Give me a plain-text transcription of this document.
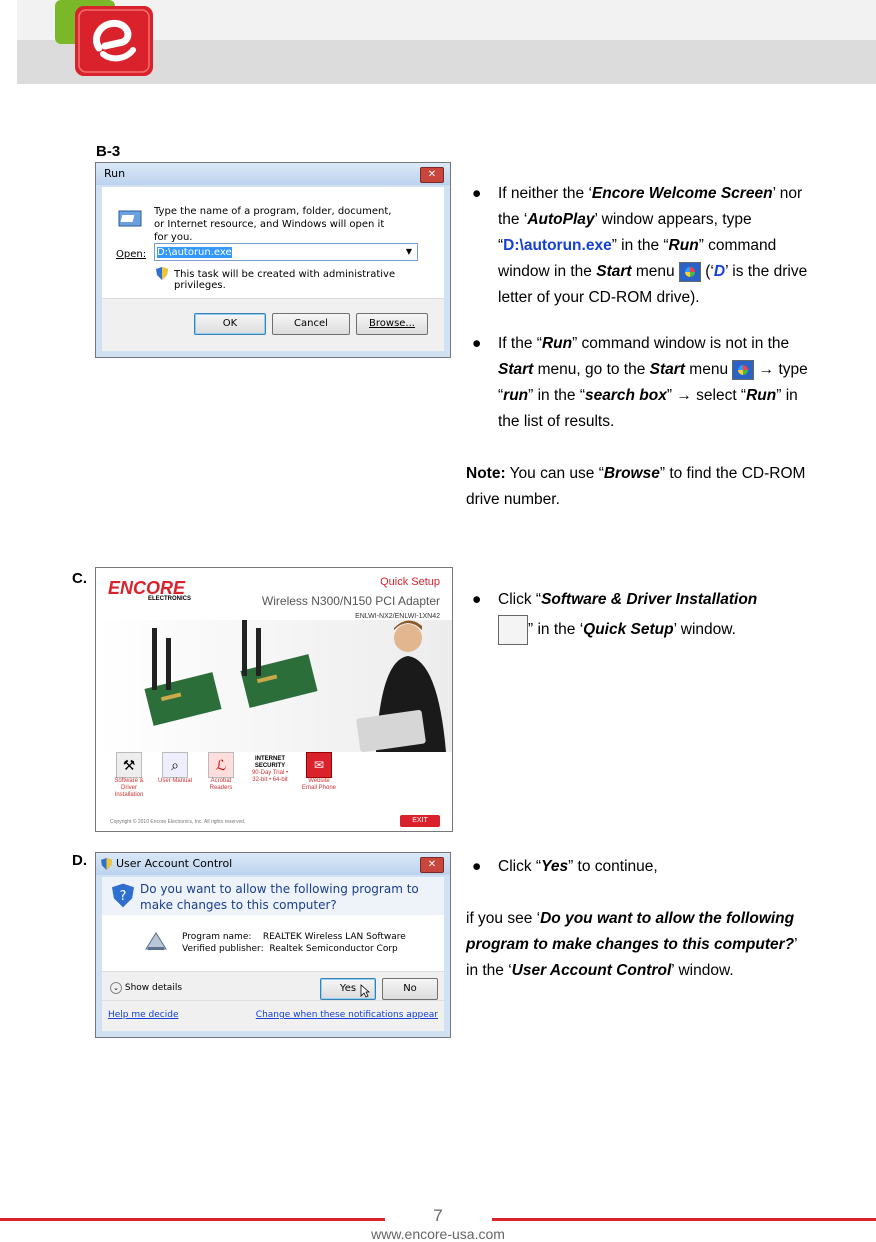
B-3
C.
D.
Run	✕
Type the name of a program, folder, document, or Internet resource, and Windows will open it for you.
Open:	D:\autorun.exe	▼
This task will be created with administrative privileges.
OK	Cancel	Browse...
ENCORE
ELECTRONICS
Quick Setup
Wireless N300/N150 PCI Adapter
ENLWI-NX2/ENLWI-1XN42
⚒
Software & Driver Installation
⌕
User Manual
ℒ
Acrobat Readers
INTERNET SECURITY
90-Day Trial • 32-bit • 64-bit
✉
Website Email Phone
Copyright © 2010 Encore Electronics, Inc. All rights reserved.	EXIT
User Account Control	✕
?
Do you want to allow the following program to make changes to this computer?
Program name: REALTEK Wireless LAN Software
Verified publisher: Realtek Semiconductor Corp
⌄ Show details	Yes	No
Help me decide	Change when these notifications appear

● If neither the ‘Encore Welcome Screen’ nor the ‘AutoPlay’ window appears, type “D:\autorun.exe” in the “Run” command window in the Start menu  (‘D’ is the drive letter of your CD-ROM drive).

● If the “Run” command window is not in the Start menu, go to the Start menu  → type “run” in the “search box” → select “Run” in the list of results.

Note: You can use “Browse” to find the CD-ROM drive number.

● Click “Software & Driver Installation
” in the ‘Quick Setup’ window.

● Click “Yes” to continue,

if you see ‘Do you want to allow the following program to make changes to this computer?’ in the ‘User Account Control’ window.

7
www.encore-usa.com
